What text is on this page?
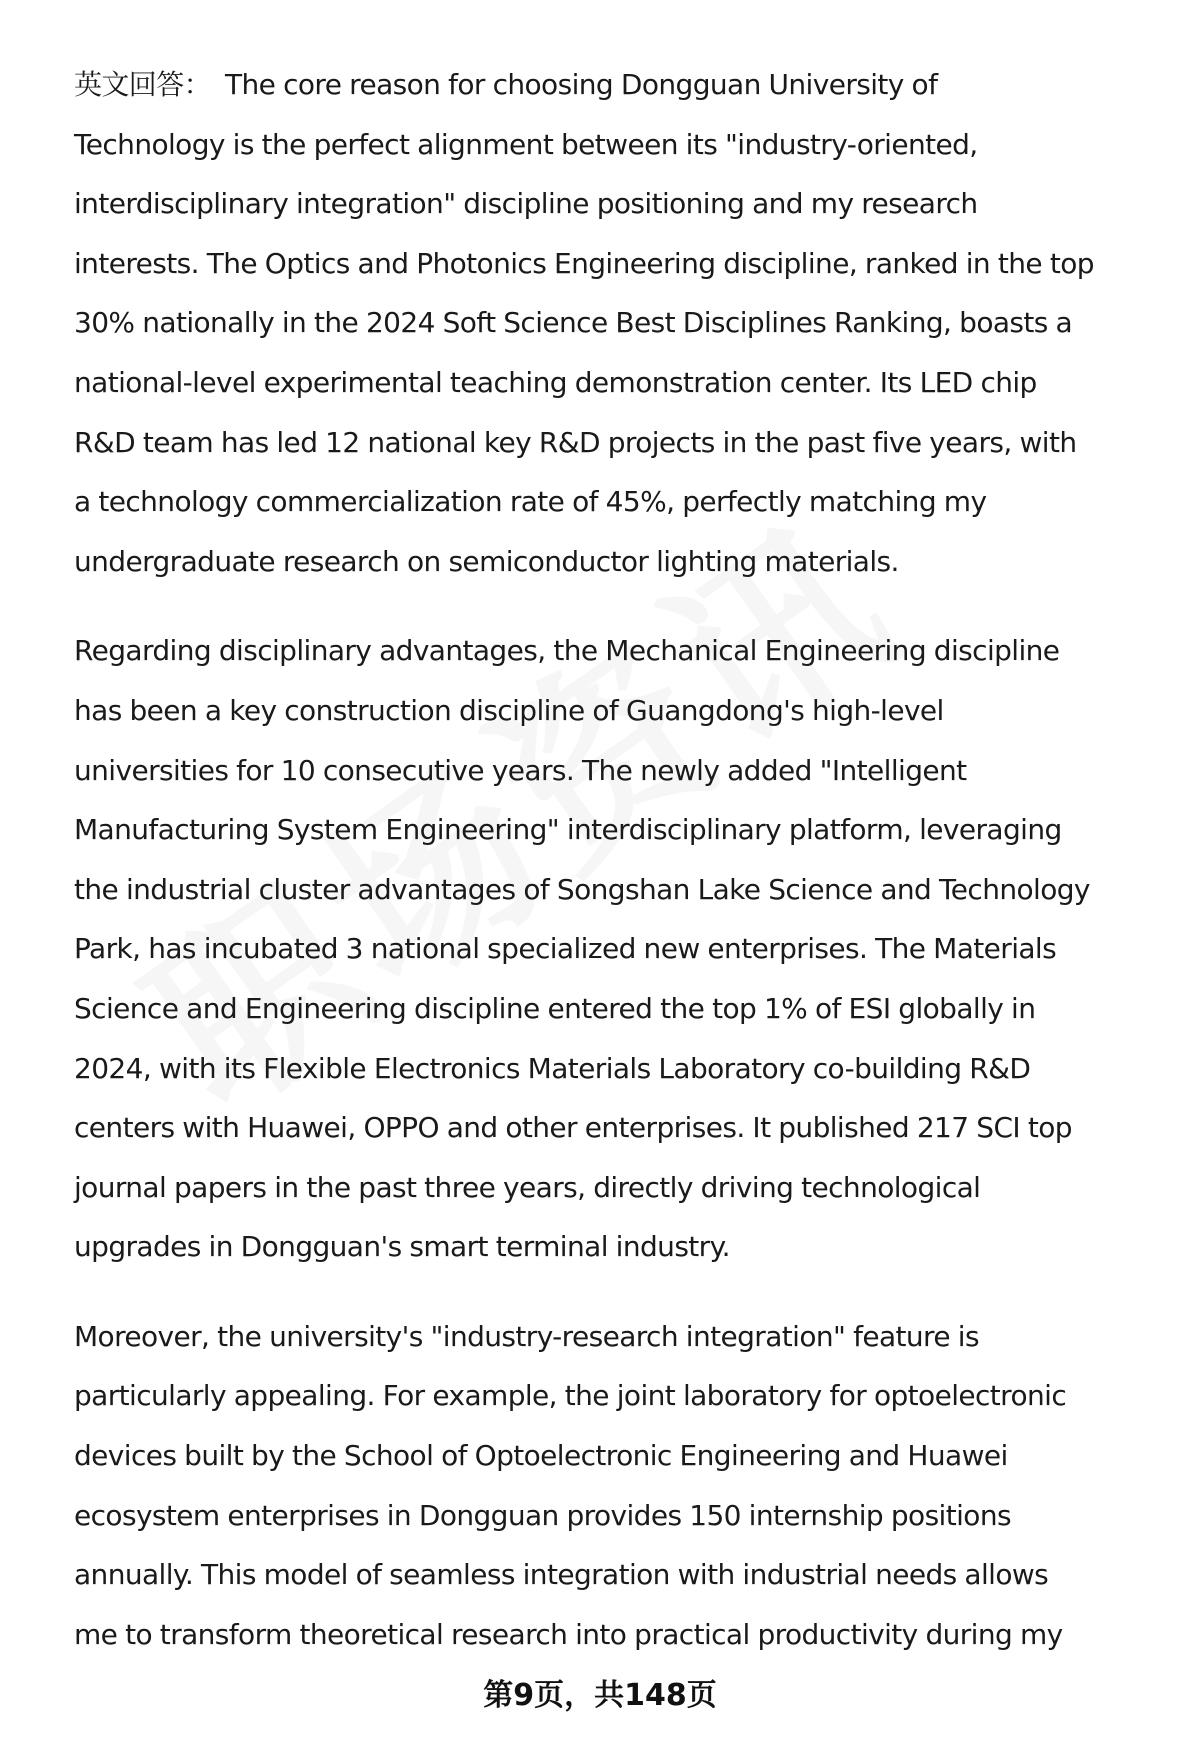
英文回答： The core reason for choosing Dongguan University of
Technology is the perfect alignment between its "industry-oriented,
interdisciplinary integration" discipline positioning and my research
interests. The Optics and Photonics Engineering discipline, ranked in the top
30% nationally in the 2024 Soft Science Best Disciplines Ranking, boasts a
national-level experimental teaching demonstration center. Its LED chip
R&D team has led 12 national key R&D projects in the past five years, with
a technology commercialization rate of 45%, perfectly matching my
undergraduate research on semiconductor lighting materials.
Regarding disciplinary advantages, the Mechanical Engineering discipline
has been a key construction discipline of Guangdong's high-level
universities for 10 consecutive years. The newly added "Intelligent
Manufacturing System Engineering" interdisciplinary platform, leveraging
the industrial cluster advantages of Songshan Lake Science and Technology
Park, has incubated 3 national specialized new enterprises. The Materials
Science and Engineering discipline entered the top 1% of ESI globally in
2024, with its Flexible Electronics Materials Laboratory co-building R&D
centers with Huawei, OPPO and other enterprises. It published 217 SCI top
journal papers in the past three years, directly driving technological
upgrades in Dongguan's smart terminal industry.
Moreover, the university's "industry-research integration" feature is
particularly appealing. For example, the joint laboratory for optoelectronic
devices built by the School of Optoelectronic Engineering and Huawei
ecosystem enterprises in Dongguan provides 150 internship positions
annually. This model of seamless integration with industrial needs allows
me to transform theoretical research into practical productivity during my
第9页，共148页
